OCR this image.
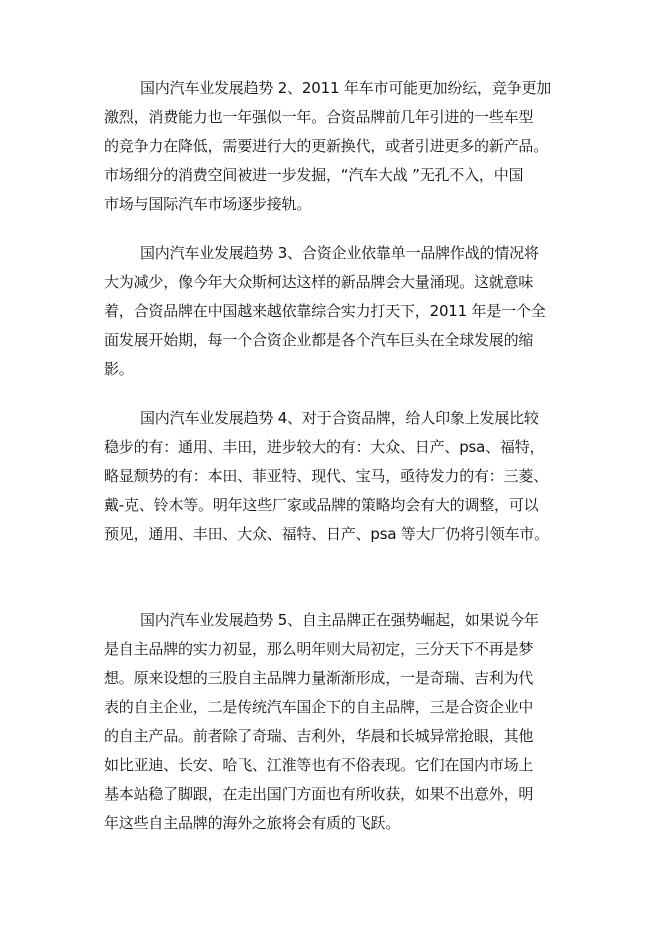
国内汽车业发展趋势 2、2011 年车市可能更加纷纭，竞争更加
激烈，消费能力也一年强似一年。合资品牌前几年引进的一些车型
的竞争力在降低，需要进行大的更新换代，或者引进更多的新产品。
市场细分的消费空间被进一步发掘，“汽车大战 ”无孔不入，中国
市场与国际汽车市场逐步接轨。
国内汽车业发展趋势 3、合资企业依靠单一品牌作战的情况将
大为减少，像今年大众斯柯达这样的新品牌会大量涌现。这就意味
着，合资品牌在中国越来越依靠综合实力打天下，2011 年是一个全
面发展开始期，每一个合资企业都是各个汽车巨头在全球发展的缩
影。
国内汽车业发展趋势 4、对于合资品牌，给人印象上发展比较
稳步的有：通用、丰田，进步较大的有：大众、日产、psa、福特，
略显颓势的有：本田、菲亚特、现代、宝马，亟待发力的有：三菱、
戴-克、铃木等。明年这些厂家或品牌的策略均会有大的调整，可以
预见，通用、丰田、大众、福特、日产、psa 等大厂仍将引领车市。
国内汽车业发展趋势 5、自主品牌正在强势崛起，如果说今年
是自主品牌的实力初显，那么明年则大局初定，三分天下不再是梦
想。原来设想的三股自主品牌力量渐渐形成，一是奇瑞、吉利为代
表的自主企业，二是传统汽车国企下的自主品牌，三是合资企业中
的自主产品。前者除了奇瑞、吉利外，华晨和长城异常抢眼，其他
如比亚迪、长安、哈飞、江淮等也有不俗表现。它们在国内市场上
基本站稳了脚跟，在走出国门方面也有所收获，如果不出意外，明
年这些自主品牌的海外之旅将会有质的飞跃。
